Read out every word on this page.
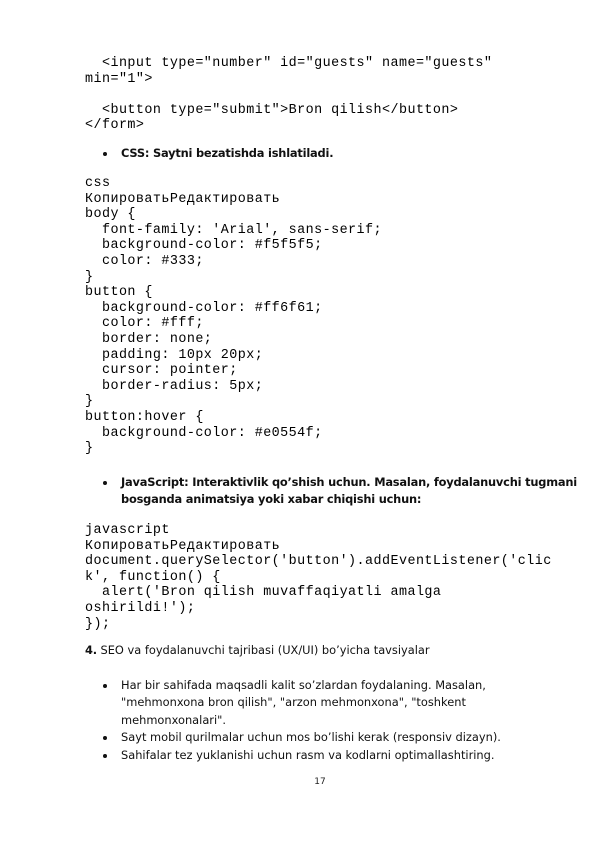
<input type="number" id="guests" name="guests"
min="1">
<button type="submit">Bron qilish</button>
</form>
CSS: Saytni bezatishda ishlatiladi.
css
КопироватьРедактировать
body {
font-family: 'Arial', sans-serif;
background-color: #f5f5f5;
color: #333;
}
button {
background-color: #ff6f61;
color: #fff;
border: none;
padding: 10px 20px;
cursor: pointer;
border-radius: 5px;
}
button:hover {
background-color: #e0554f;
}
JavaScript: Interaktivlik qo’shish uchun. Masalan, foydalanuvchi tugmani
bosganda animatsiya yoki xabar chiqishi uchun:
javascript
КопироватьРедактировать
document.querySelector('button').addEventListener('clic
k', function() {
alert('Bron qilish muvaffaqiyatli amalga
oshirildi!');
});
4. SEO va foydalanuvchi tajribasi (UX/UI) bo’yicha tavsiyalar
Har bir sahifada maqsadli kalit so’zlardan foydalaning. Masalan,
"mehmonxona bron qilish", "arzon mehmonxona", "toshkent
mehmonxonalari".
Sayt mobil qurilmalar uchun mos bo’lishi kerak (responsiv dizayn).
Sahifalar tez yuklanishi uchun rasm va kodlarni optimallashtiring.
17
